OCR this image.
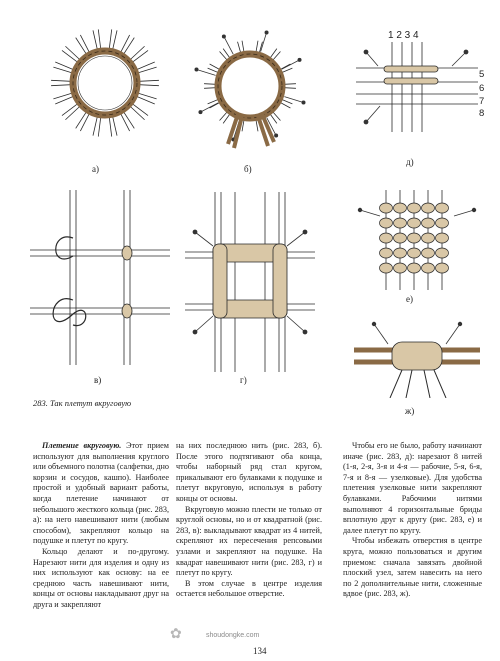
а)	б)
1 2 3 4
5
6
7
8
д)
в)	г)
е)
ж)
283. Так плетут вкруговую

Плетение вкруговую. Этот прием используют для выполнения круглого или объемного полотна (салфетки, дно корзин и сосудов, кашпо). Наиболее простой и удобный вариант работы, когда плетение начинают от небольшого жесткого кольца (рис. 283, а): на него навешивают нити (любым способом), закрепляют кольцо на подушке и плетут по кругу.

Кольцо делают и по-другому. Нарезают нити для изделия и одну из них используют как основу: на ее среднюю часть навешивают нити, концы от основы накладывают друг на друга и закрепляют

на них последнюю нить (рис. 283, б). После этого подтягивают оба конца, чтобы наборный ряд стал кругом, прикалывают его булавками к подушке и плетут вкруговую, используя в работу концы от основы.

Вкруговую можно плести не только от круглой основы, но и от квадратной (рис. 283, в): выкладывают квадрат из 4 нитей, скрепляют их пересечения репсовыми узлами и закрепляют на подушке. На квадрат навешивают нити (рис. 283, г) и плетут по кругу.

В этом случае в центре изделия остается небольшое отверстие.

Чтобы его не было, работу начинают иначе (рис. 283, д): нарезают 8 нитей (1-я, 2-я, 3-я и 4-я — рабочие, 5-я, 6-я, 7-я и 8-я — узелковые). Для удобства плетения узелковые нити закрепляют булавками. Рабочими нитями выполняют 4 горизонтальные бриды вплотную друг к другу (рис. 283, е) и далее плетут по кругу.

Чтобы избежать отверстия в центре круга, можно пользоваться и другим приемом: сначала завязать двойной плоский узел, затем навесить на него по 2 дополнительные нити, сложенные вдвое (рис. 283, ж).

✿	shoudongke.com
134
